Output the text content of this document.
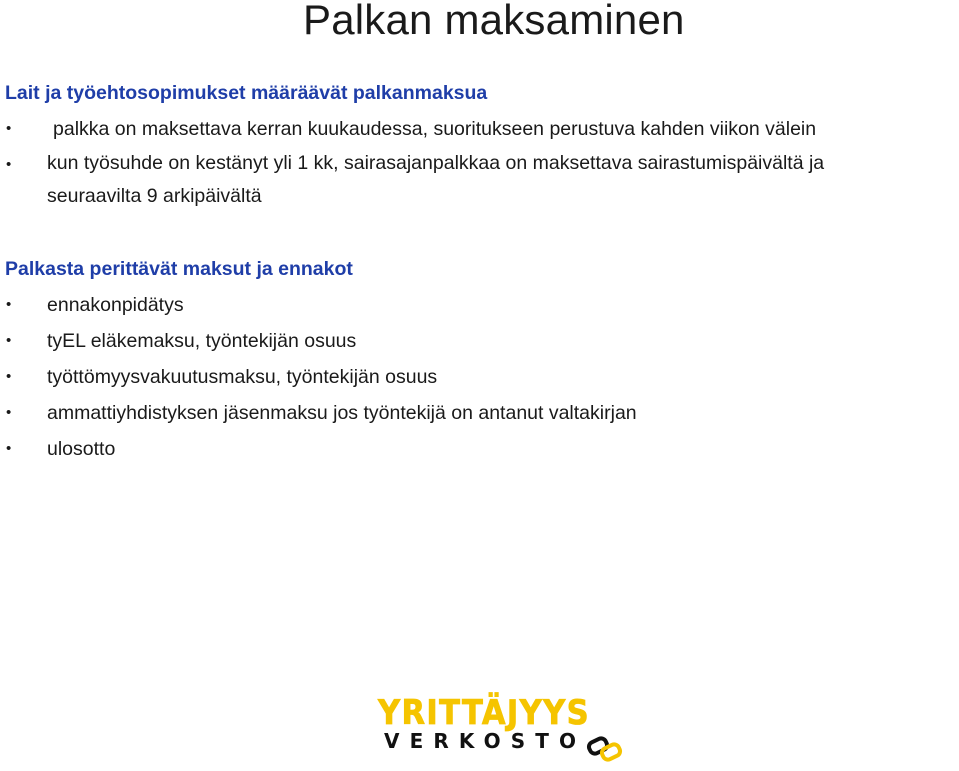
Palkan maksaminen
Lait ja työehtosopimukset määräävät palkanmaksua
•	palkka on maksettava kerran kuukaudessa, suoritukseen perustuva kahden viikon välein
•	kun työsuhde on kestänyt yli 1 kk, sairasajanpalkkaa on maksettava sairastumispäivältä ja seuraavilta 9 arkipäivältä
Palkasta perittävät maksut ja ennakot
•	ennakonpidätys
•	tyEL eläkemaksu, työntekijän osuus
•	työttömyysvakuutusmaksu, työntekijän osuus
•	ammattiyhdistyksen jäsenmaksu jos työntekijä on antanut valtakirjan
•	ulosotto
YRITTÄJYYS
VERKOSTO
